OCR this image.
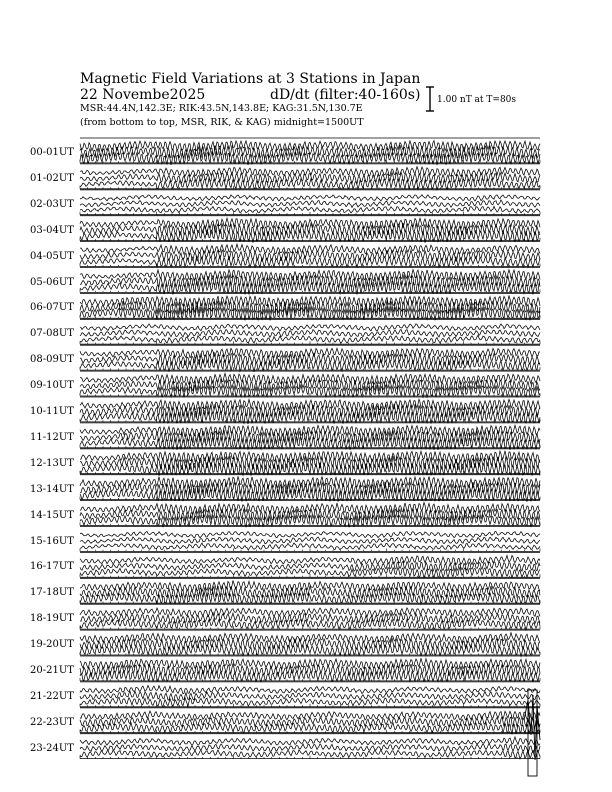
Magnetic Field Variations at 3 Stations in Japan
22 Novembe2025	dD/dt (filter:40-160s)
MSR:44.4N,142.3E; RIK:43.5N,143.8E; KAG:31.5N,130.7E
(from bottom to top, MSR, RIK, & KAG) midnight=1500UT
1.00 nT at T=80s
00-01UT
01-02UT
02-03UT
03-04UT
04-05UT
05-06UT
06-07UT
07-08UT
08-09UT
09-10UT
10-11UT
11-12UT
12-13UT
13-14UT
14-15UT
15-16UT
16-17UT
17-18UT
18-19UT
19-20UT
20-21UT
21-22UT
22-23UT
23-24UT
